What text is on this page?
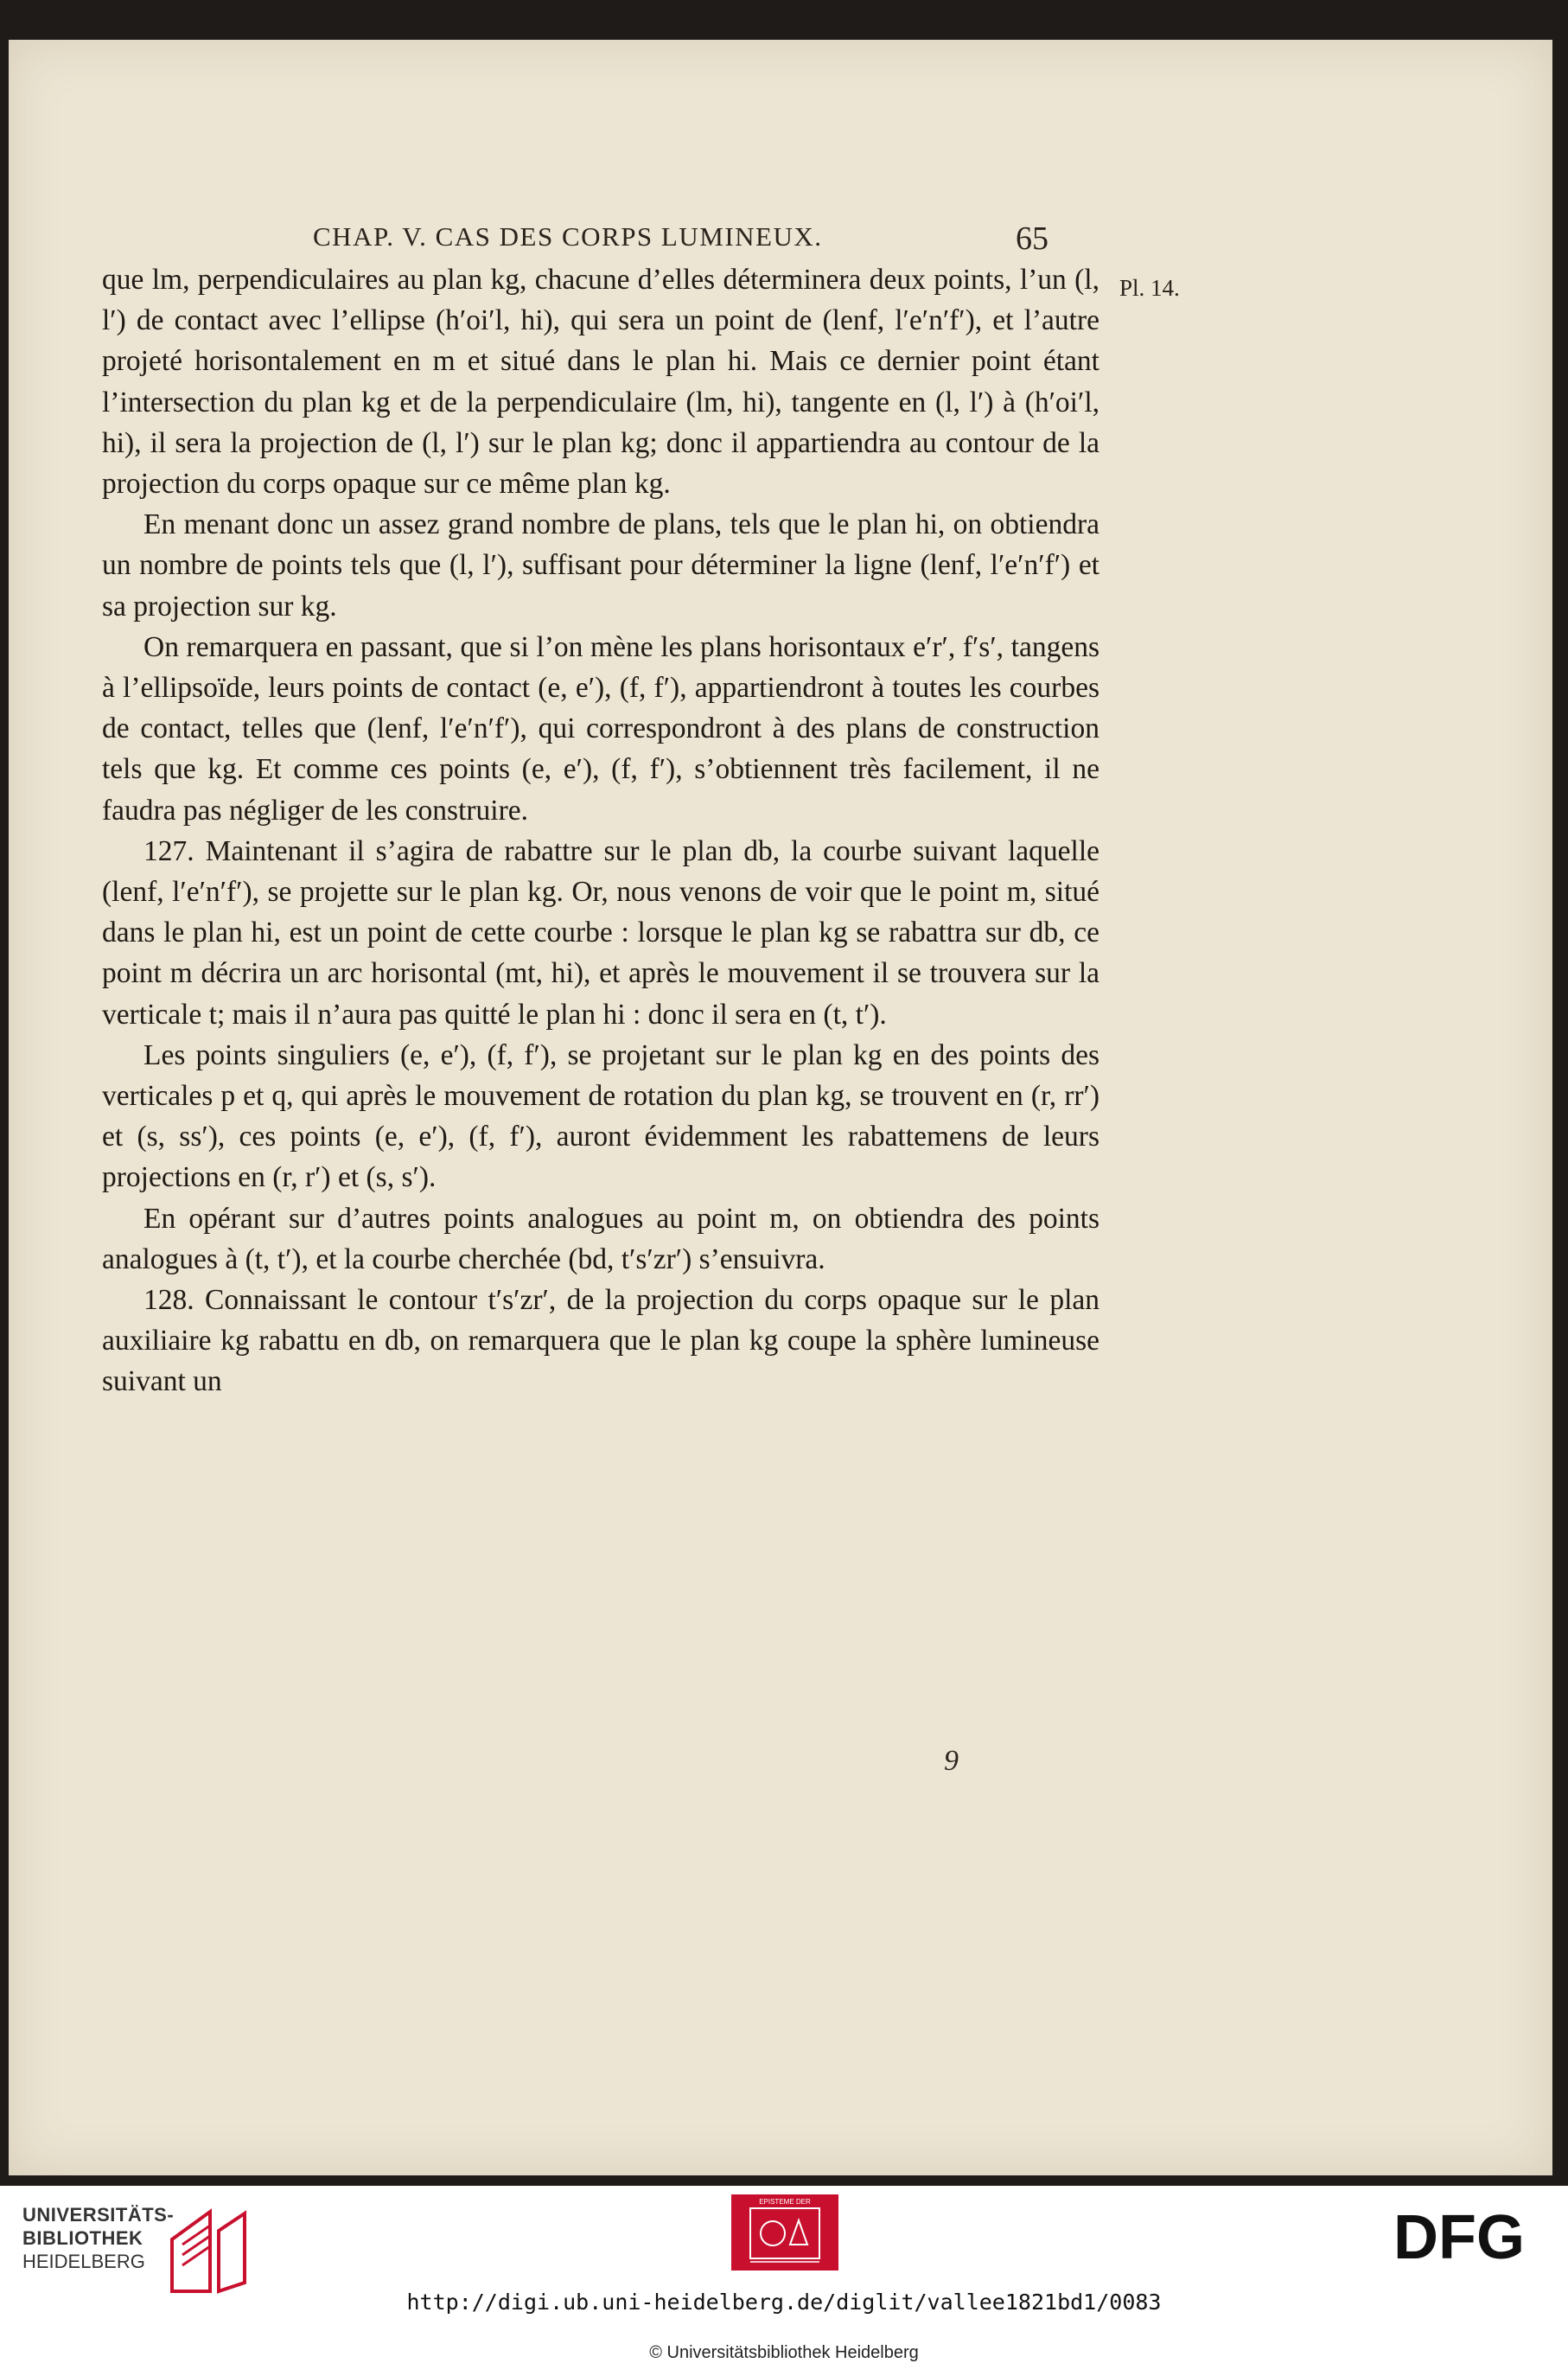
CHAP. V. CAS DES CORPS LUMINEUX.	65
Pl. 14.

que lm, perpendiculaires au plan kg, chacune d’elles déterminera deux points, l’un (l, l′) de contact avec l’ellipse (h′oi′l, hi), qui sera un point de (lenf, l′e′n′f′), et l’autre projeté horisontalement en m et situé dans le plan hi. Mais ce dernier point étant l’intersection du plan kg et de la perpendiculaire (lm, hi), tangente en (l, l′) à (h′oi′l, hi), il sera la projection de (l, l′) sur le plan kg; donc il appartiendra au contour de la projection du corps opaque sur ce même plan kg.

En menant donc un assez grand nombre de plans, tels que le plan hi, on obtiendra un nombre de points tels que (l, l′), suffisant pour déterminer la ligne (lenf, l′e′n′f′) et sa projection sur kg.

On remarquera en passant, que si l’on mène les plans horisontaux e′r′, f′s′, tangens à l’ellipsoïde, leurs points de contact (e, e′), (f, f′), appartiendront à toutes les courbes de contact, telles que (lenf, l′e′n′f′), qui correspondront à des plans de construction tels que kg. Et comme ces points (e, e′), (f, f′), s’obtiennent très facilement, il ne faudra pas négliger de les construire.

127. Maintenant il s’agira de rabattre sur le plan db, la courbe suivant laquelle (lenf, l′e′n′f′), se projette sur le plan kg. Or, nous venons de voir que le point m, situé dans le plan hi, est un point de cette courbe : lorsque le plan kg se rabattra sur db, ce point m décrira un arc horisontal (mt, hi), et après le mouvement il se trouvera sur la verticale t; mais il n’aura pas quitté le plan hi : donc il sera en (t, t′).

Les points singuliers (e, e′), (f, f′), se projetant sur le plan kg en des points des verticales p et q, qui après le mouvement de rotation du plan kg, se trouvent en (r, rr′) et (s, ss′), ces points (e, e′), (f, f′), auront évidemment les rabattemens de leurs projections en (r, r′) et (s, s′).

En opérant sur d’autres points analogues au point m, on obtiendra des points analogues à (t, t′), et la courbe cherchée (bd, t′s′zr′) s’ensuivra.

128. Connaissant le contour t′s′zr′, de la projection du corps opaque sur le plan auxiliaire kg rabattu en db, on remarquera que le plan kg coupe la sphère lumineuse suivant un

9
UNIVERSITÄTS-
BIBLIOTHEK
HEIDELBERG
EPISTEME DER
DFG
http://digi.ub.uni-heidelberg.de/diglit/vallee1821bd1/0083
© Universitätsbibliothek Heidelberg
